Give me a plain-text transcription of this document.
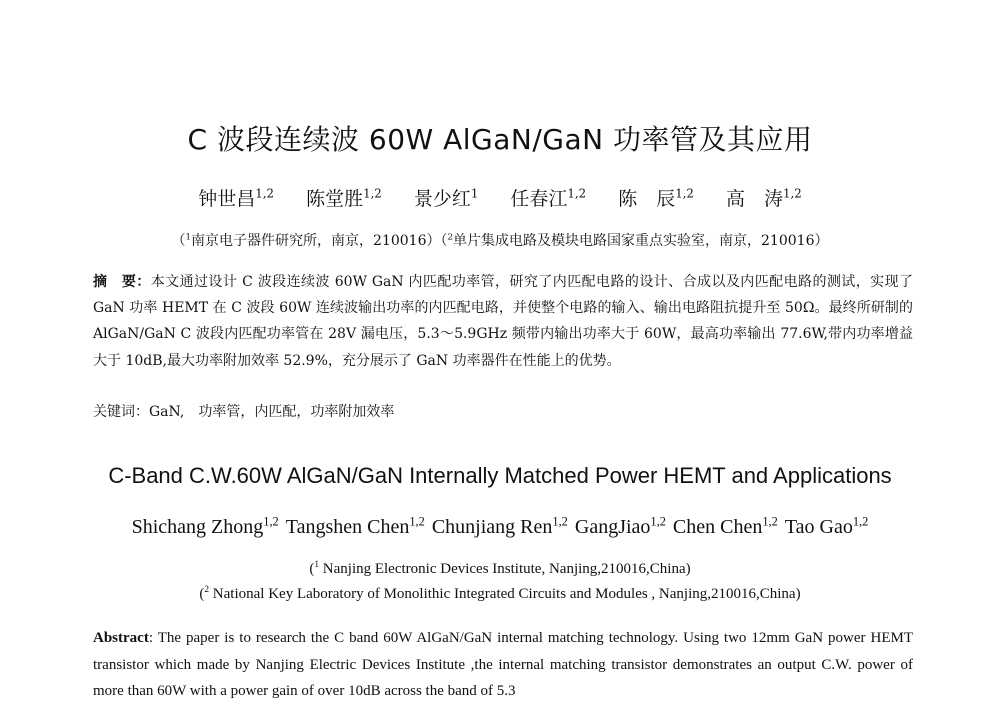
C 波段连续波 60W AlGaN/GaN 功率管及其应用
钟世昌$^{1,2}$ 陈堂胜$^{1,2}$ 景少红$^1$ 任春江$^{1,2}$ 陈　辰$^{1,2}$ 高　涛$^{1,2}$
（$^1$南京电子器件研究所，南京，210016）（$^2$单片集成电路及模块电路国家重点实验室，南京，210016）
摘　要：本文通过设计 C 波段连续波 60W GaN 内匹配功率管，研究了内匹配电路的设计、合成以及内匹配电路的测试，实现了 GaN 功率 HEMT 在 C 波段 60W 连续波输出功率的内匹配电路，并使整个电路的输入、输出电路阻抗提升至 50Ω。最终所研制的 AlGaN/GaN C 波段内匹配功率管在 28V 漏电压，5.3～5.9GHz 频带内输出功率大于 60W，最高功率输出 77.6W,带内功率增益大于 10dB,最大功率附加效率 52.9%，充分展示了 GaN 功率器件在性能上的优势。
关键词：GaN,　功率管，内匹配，功率附加效率
C-Band C.W.60W AlGaN/GaN Internally Matched Power HEMT and Applications
Shichang Zhong$^{1,2}$ Tangshen Chen$^{1,2}$ Chunjiang Ren$^{1,2}$ GangJiao$^{1,2}$ Chen Chen$^{1,2}$ Tao Gao$^{1,2}$
($^1$ Nanjing Electronic Devices Institute, Nanjing,210016,China)
($^2$ National Key Laboratory of Monolithic Integrated Circuits and Modules , Nanjing,210016,China)
Abstract: The paper is to research the C band 60W AlGaN/GaN internal matching technology. Using two 12mm GaN power HEMT transistor which made by Nanjing Electric Devices Institute ,the internal matching transistor demonstrates an output C.W. power of more than 60W with a power gain of over 10dB across the band of 5.3
